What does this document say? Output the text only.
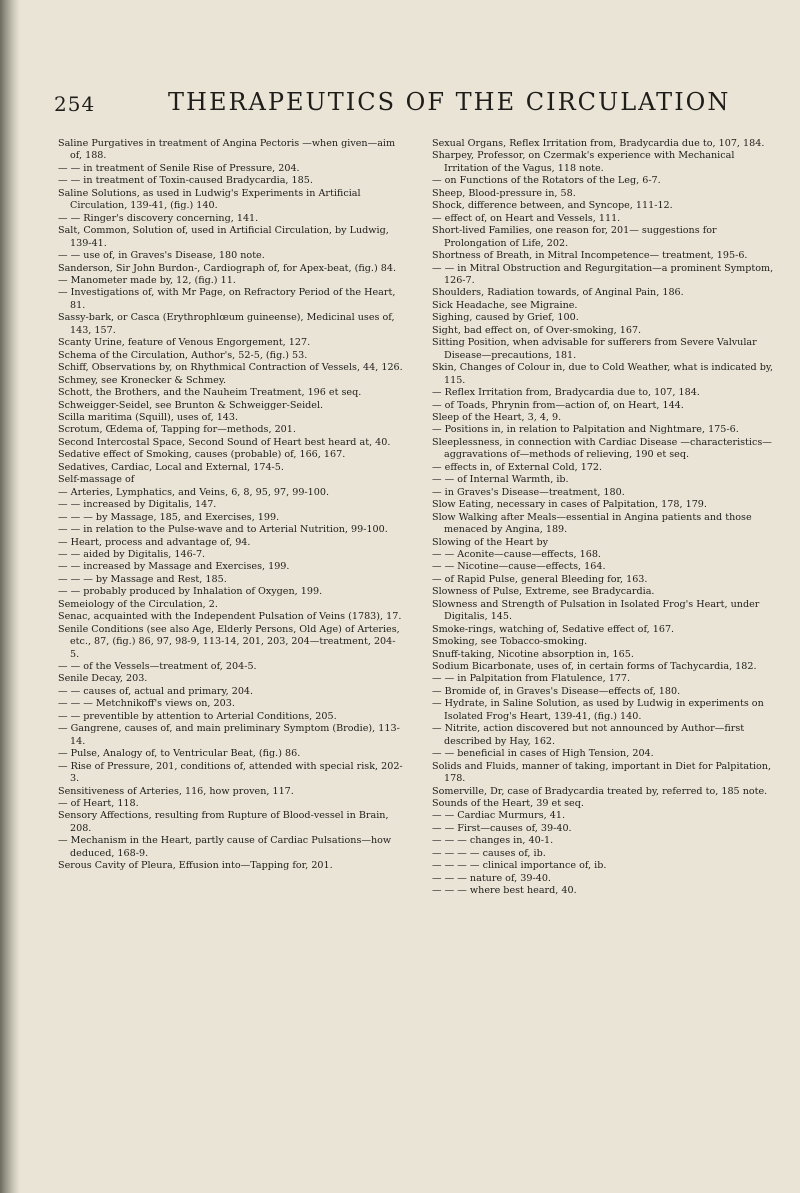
254	THERAPEUTICS OF THE CIRCULATION

Saline Purgatives in treatment of Angina Pectoris —when given—aim of, 188.

— — in treatment of Senile Rise of Pressure, 204.

— — in treatment of Toxin-caused Bradycardia, 185.

Saline Solutions, as used in Ludwig's Experiments in Artificial Circulation, 139-41, (fig.) 140.

— — Ringer's discovery concerning, 141.

Salt, Common, Solution of, used in Artificial Circulation, by Ludwig, 139-41.

— — use of, in Graves's Disease, 180 note.

Sanderson, Sir John Burdon-, Cardiograph of, for Apex-beat, (fig.) 84.

— Manometer made by, 12, (fig.) 11.

— Investigations of, with Mr Page, on Refractory Period of the Heart, 81.

Sassy-bark, or Casca (Erythrophlœum guineense), Medicinal uses of, 143, 157.

Scanty Urine, feature of Venous Engorgement, 127.

Schema of the Circulation, Author's, 52-5, (fig.) 53.

Schiff, Observations by, on Rhythmical Contraction of Vessels, 44, 126.

Schmey, see Kronecker & Schmey.

Schott, the Brothers, and the Nauheim Treatment, 196 et seq.

Schweigger-Seidel, see Brunton & Schweigger-Seidel.

Scilla maritima (Squill), uses of, 143.

Scrotum, Œdema of, Tapping for—methods, 201.

Second Intercostal Space, Second Sound of Heart best heard at, 40.

Sedative effect of Smoking, causes (probable) of, 166, 167.

Sedatives, Cardiac, Local and External, 174-5.

Self-massage of

— Arteries, Lymphatics, and Veins, 6, 8, 95, 97, 99-100.

— — increased by Digitalis, 147.

— — — by Massage, 185, and Exercises, 199.

— — in relation to the Pulse-wave and to Arterial Nutrition, 99-100.

— Heart, process and advantage of, 94.

— — aided by Digitalis, 146-7.

— — increased by Massage and Exercises, 199.

— — — by Massage and Rest, 185.

— — probably produced by Inhalation of Oxygen, 199.

Semeiology of the Circulation, 2.

Senac, acquainted with the Independent Pulsation of Veins (1783), 17.

Senile Conditions (see also Age, Elderly Persons, Old Age) of Arteries, etc., 87, (fig.) 86, 97, 98-9, 113-14, 201, 203, 204—treatment, 204-5.

— — of the Vessels—treatment of, 204-5.

Senile Decay, 203.

— — causes of, actual and primary, 204.

— — — Metchnikoff's views on, 203.

— — preventible by attention to Arterial Conditions, 205.

— Gangrene, causes of, and main preliminary Symptom (Brodie), 113-14.

— Pulse, Analogy of, to Ventricular Beat, (fig.) 86.

— Rise of Pressure, 201, conditions of, attended with special risk, 202-3.

Sensitiveness of Arteries, 116, how proven, 117.

— of Heart, 118.

Sensory Affections, resulting from Rupture of Blood-vessel in Brain, 208.

— Mechanism in the Heart, partly cause of Cardiac Pulsations—how deduced, 168-9.

Serous Cavity of Pleura, Effusion into—Tapping for, 201.

Sexual Organs, Reflex Irritation from, Bradycardia due to, 107, 184.

Sharpey, Professor, on Czermak's experience with Mechanical Irritation of the Vagus, 118 note.

— on Functions of the Rotators of the Leg, 6-7.

Sheep, Blood-pressure in, 58.

Shock, difference between, and Syncope, 111-12.

— effect of, on Heart and Vessels, 111.

Short-lived Families, one reason for, 201— suggestions for Prolongation of Life, 202.

Shortness of Breath, in Mitral Incompetence— treatment, 195-6.

— — in Mitral Obstruction and Regurgitation—a prominent Symptom, 126-7.

Shoulders, Radiation towards, of Anginal Pain, 186.

Sick Headache, see Migraine.

Sighing, caused by Grief, 100.

Sight, bad effect on, of Over-smoking, 167.

Sitting Position, when advisable for sufferers from Severe Valvular Disease—precautions, 181.

Skin, Changes of Colour in, due to Cold Weather, what is indicated by, 115.

— Reflex Irritation from, Bradycardia due to, 107, 184.

— of Toads, Phrynin from—action of, on Heart, 144.

Sleep of the Heart, 3, 4, 9.

— Positions in, in relation to Palpitation and Nightmare, 175-6.

Sleeplessness, in connection with Cardiac Disease —characteristics—aggravations of—methods of relieving, 190 et seq.

— effects in, of External Cold, 172.

— — of Internal Warmth, ib.

— in Graves's Disease—treatment, 180.

Slow Eating, necessary in cases of Palpitation, 178, 179.

Slow Walking after Meals—essential in Angina patients and those menaced by Angina, 189.

Slowing of the Heart by

— — Aconite—cause—effects, 168.

— — Nicotine—cause—effects, 164.

— of Rapid Pulse, general Bleeding for, 163.

Slowness of Pulse, Extreme, see Bradycardia.

Slowness and Strength of Pulsation in Isolated Frog's Heart, under Digitalis, 145.

Smoke-rings, watching of, Sedative effect of, 167.

Smoking, see Tobacco-smoking.

Snuff-taking, Nicotine absorption in, 165.

Sodium Bicarbonate, uses of, in certain forms of Tachycardia, 182.

— — in Palpitation from Flatulence, 177.

— Bromide of, in Graves's Disease—effects of, 180.

— Hydrate, in Saline Solution, as used by Ludwig in experiments on Isolated Frog's Heart, 139-41, (fig.) 140.

— Nitrite, action discovered but not announced by Author—first described by Hay, 162.

— — beneficial in cases of High Tension, 204.

Solids and Fluids, manner of taking, important in Diet for Palpitation, 178.

Somerville, Dr, case of Bradycardia treated by, referred to, 185 note.

Sounds of the Heart, 39 et seq.

— — Cardiac Murmurs, 41.

— — First—causes of, 39-40.

— — — changes in, 40-1.

— — — — causes of, ib.

— — — — clinical importance of, ib.

— — — nature of, 39-40.

— — — where best heard, 40.
